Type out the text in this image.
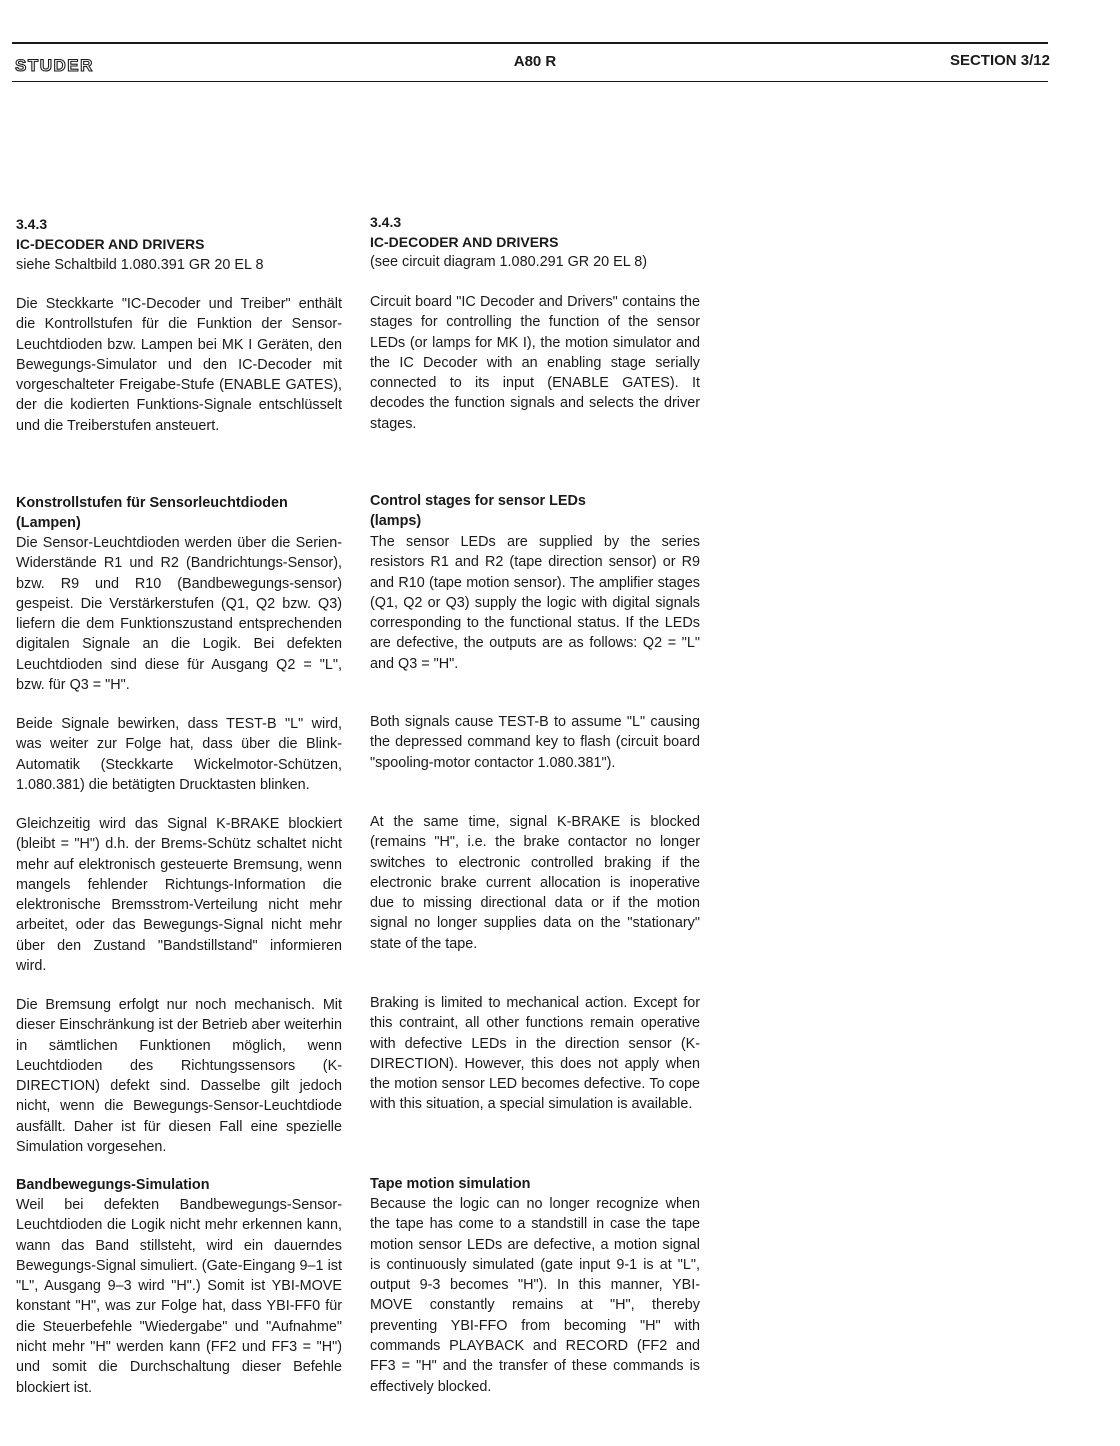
STUDER	A80 R	SECTION 3/12
3.4.3
IC-DECODER AND DRIVERS

siehe Schaltbild 1.080.391 GR 20 EL 8

Die Steckkarte "IC-Decoder und Treiber" enthält die Kontrollstufen für die Funktion der Sensor-Leuchtdioden bzw. Lampen bei MK I Geräten, den Bewegungs-Simulator und den IC-Decoder mit vorgeschalteter Freigabe-Stufe (ENABLE GATES), der die kodierten Funktions-Signale entschlüsselt und die Treiberstufen ansteuert.

Konstrollstufen für Sensorleuchtdioden
(Lampen)

Die Sensor-Leuchtdioden werden über die Serien-Widerstände R1 und R2 (Bandrichtungs-Sensor), bzw. R9 und R10 (Bandbewegungs-sensor) gespeist. Die Verstärkerstufen (Q1, Q2 bzw. Q3) liefern die dem Funktionszustand entsprechenden digitalen Signale an die Logik. Bei defekten Leuchtdioden sind diese für Ausgang Q2 = "L", bzw. für Q3 = "H".

Beide Signale bewirken, dass TEST-B "L" wird, was weiter zur Folge hat, dass über die Blink-Automatik (Steckkarte Wickelmotor-Schützen, 1.080.381) die betätigten Drucktasten blinken.

Gleichzeitig wird das Signal K-BRAKE blockiert (bleibt = "H") d.h. der Brems-Schütz schaltet nicht mehr auf elektronisch gesteuerte Bremsung, wenn mangels fehlender Richtungs-Information die elektronische Bremsstrom-Verteilung nicht mehr arbeitet, oder das Bewegungs-Signal nicht mehr über den Zustand "Bandstillstand" informieren wird.

Die Bremsung erfolgt nur noch mechanisch. Mit dieser Einschränkung ist der Betrieb aber weiterhin in sämtlichen Funktionen möglich, wenn Leuchtdioden des Richtungssensors (K-DIRECTION) defekt sind. Dasselbe gilt jedoch nicht, wenn die Bewegungs-Sensor-Leuchtdiode ausfällt. Daher ist für diesen Fall eine spezielle Simulation vorgesehen.

Bandbewegungs-Simulation

Weil bei defekten Bandbewegungs-Sensor-Leuchtdioden die Logik nicht mehr erkennen kann, wann das Band stillsteht, wird ein dauerndes Bewegungs-Signal simuliert. (Gate-Eingang 9–1 ist "L", Ausgang 9–3 wird "H".) Somit ist YBI-MOVE konstant "H", was zur Folge hat, dass YBI-FF0 für die Steuerbefehle "Wiedergabe" und "Aufnahme" nicht mehr "H" werden kann (FF2 und FF3 = "H") und somit die Durchschaltung dieser Befehle blockiert ist.

3.4.3
IC-DECODER AND DRIVERS

(see circuit diagram 1.080.291 GR 20 EL 8)

Circuit board "IC Decoder and Drivers" contains the stages for controlling the function of the sensor LEDs (or lamps for MK I), the motion simulator and the IC Decoder with an enabling stage serially connected to its input (ENABLE GATES). It decodes the function signals and selects the driver stages.

Control stages for sensor LEDs
(lamps)

The sensor LEDs are supplied by the series resistors R1 and R2 (tape direction sensor) or R9 and R10 (tape motion sensor). The amplifier stages (Q1, Q2 or Q3) supply the logic with digital signals corresponding to the functional status. If the LEDs are defective, the outputs are as follows: Q2 = "L" and Q3 = "H".

Both signals cause TEST-B to assume "L" causing the depressed command key to flash (circuit board "spooling-motor contactor 1.080.381").

At the same time, signal K-BRAKE is blocked (remains "H", i.e. the brake contactor no longer switches to electronic controlled braking if the electronic brake current allocation is inoperative due to missing directional data or if the motion signal no longer supplies data on the "stationary" state of the tape.

Braking is limited to mechanical action. Except for this contraint, all other functions remain operative with defective LEDs in the direction sensor (K-DIRECTION). However, this does not apply when the motion sensor LED becomes defective. To cope with this situation, a special simulation is available.

Tape motion simulation

Because the logic can no longer recognize when the tape has come to a standstill in case the tape motion sensor LEDs are defective, a motion signal is continuously simulated (gate input 9-1 is at "L", output 9-3 becomes "H"). In this manner, YBI-MOVE constantly remains at "H", thereby preventing YBI-FFO from becoming "H" with commands PLAYBACK and RECORD (FF2 and FF3 = "H" and the transfer of these commands is effectively blocked.
